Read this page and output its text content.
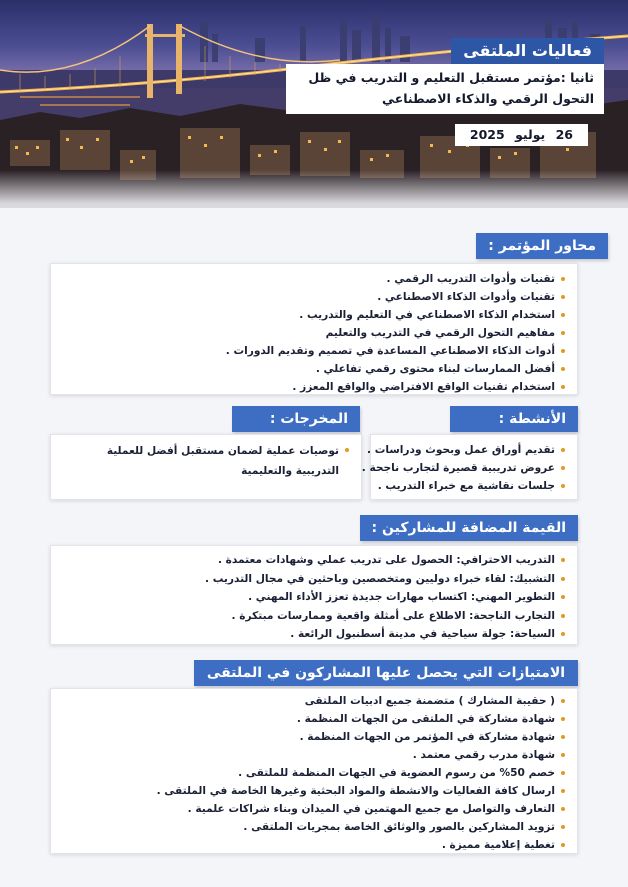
فعاليات الملتقى
ثانيا :مؤتمر مستقبل التعليم و التدريب في ظل التحول الرقمي والذكاء الاصطناعي
26 يوليو 2025
محاور المؤتمر :
تقنيات وأدوات التدريب الرقمي .
تقنيات وأدوات الذكاء الاصطناعي .
استخدام الذكاء الاصطناعي في التعليم والتدريب .
مفاهيم التحول الرقمي في التدريب والتعليم
أدوات الذكاء الاصطناعي المساعدة في تصميم وتقديم الدورات .
أفضل الممارسات لبناء محتوى رقمي تفاعلي .
استخدام تقنيات الواقع الافتراضي والواقع المعزز .
الأنشطة :
تقديم أوراق عمل وبحوث ودراسات .
عروض تدريبية قصيرة لتجارب ناجحة .
جلسات نقاشية مع خبراء التدريب .
المخرجات :
توصيات عملية لضمان مستقبل أفضل للعملية التدريبية والتعليمية
القيمة المضافة للمشاركين :
التدريب الاحترافي: الحصول على تدريب عملي وشهادات معتمدة .
التشبيك: لقاء خبراء دوليين ومتخصصين وباحثين في مجال التدريب .
التطوير المهني: اكتساب مهارات جديدة تعزز الأداء المهني .
التجارب الناجحة: الاطلاع على أمثلة واقعية وممارسات مبتكرة .
السياحة: جولة سياحية في مدينة أسطنبول الرائعة .
الامتيازات التي يحصل عليها المشاركون في الملتقى
( حقيبة المشارك ) متضمنة جميع ادبيات الملتقى
شهادة مشاركة في الملتقى من الجهات المنظمة .
شهادة مشاركة في المؤتمر من الجهات المنظمة .
شهادة مدرب رقمي معتمد .
خصم 50% من رسوم العضوية في الجهات المنظمة للملتقى .
ارسال كافة الفعاليات والانشطة والمواد البحثية وغيرها الخاصة في الملتقى .
التعارف والتواصل مع جميع المهتمين في الميدان وبناء شراكات علمية .
تزويد المشاركين بالصور والوثائق الخاصة بمجريات الملتقى .
تغطية إعلامية مميزة .
